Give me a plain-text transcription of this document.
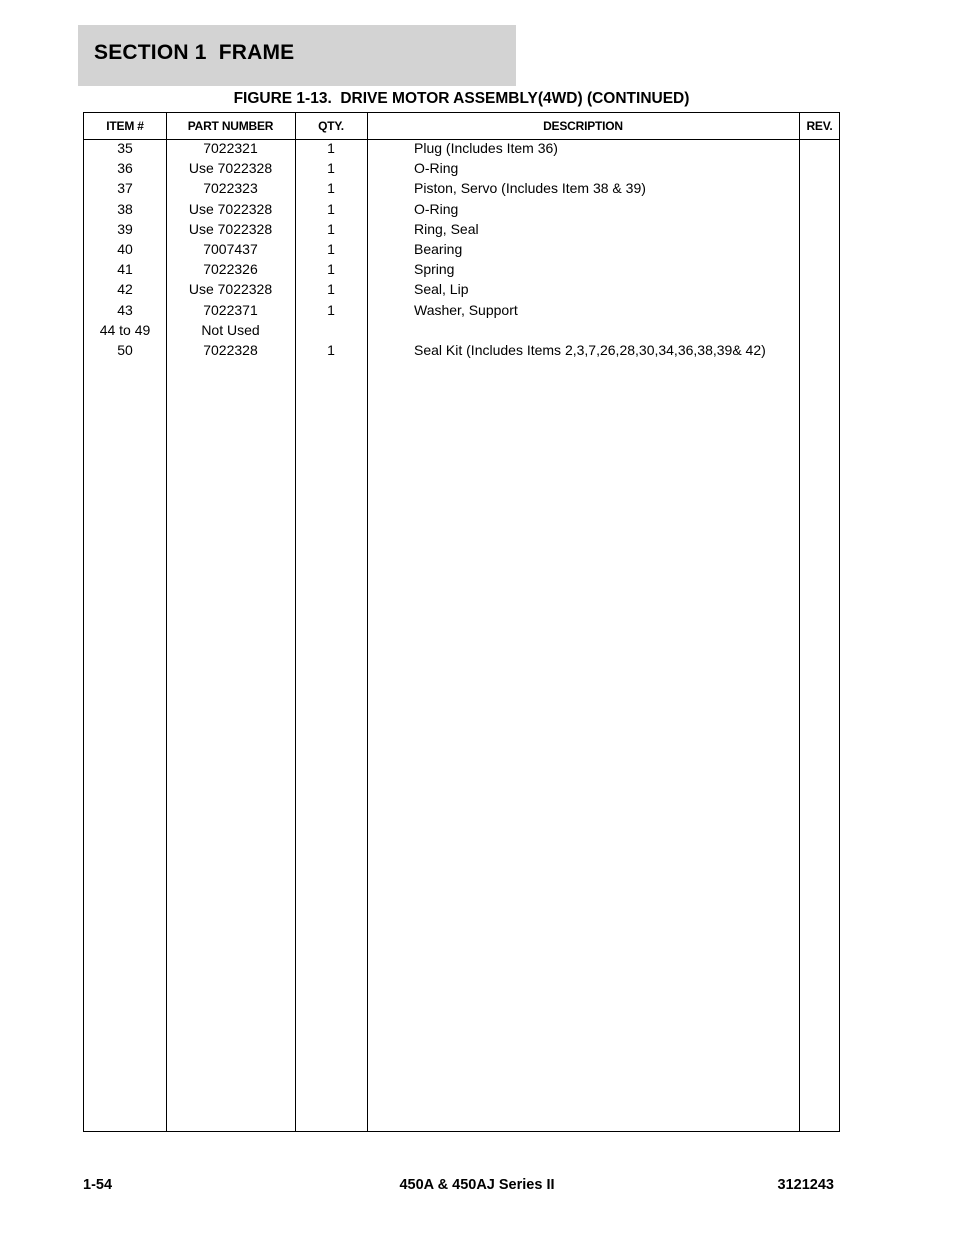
SECTION 1  FRAME
FIGURE 1-13.  DRIVE MOTOR ASSEMBLY(4WD) (CONTINUED)
ITEM #	PART NUMBER	QTY.	DESCRIPTION	REV.
35	7022321	1	Plug (Includes Item 36)
36	Use 7022328	1	O-Ring
37	7022323	1	Piston, Servo (Includes Item 38 & 39)
38	Use 7022328	1	O-Ring
39	Use 7022328	1	Ring, Seal
40	7007437	1	Bearing
41	7022326	1	Spring
42	Use 7022328	1	Seal, Lip
43	7022371	1	Washer, Support
44 to 49	Not Used
50	7022328	1	Seal Kit (Includes Items 2,3,7,26,28,30,34,36,38,39& 42)
1-54	450A & 450AJ Series II	3121243
